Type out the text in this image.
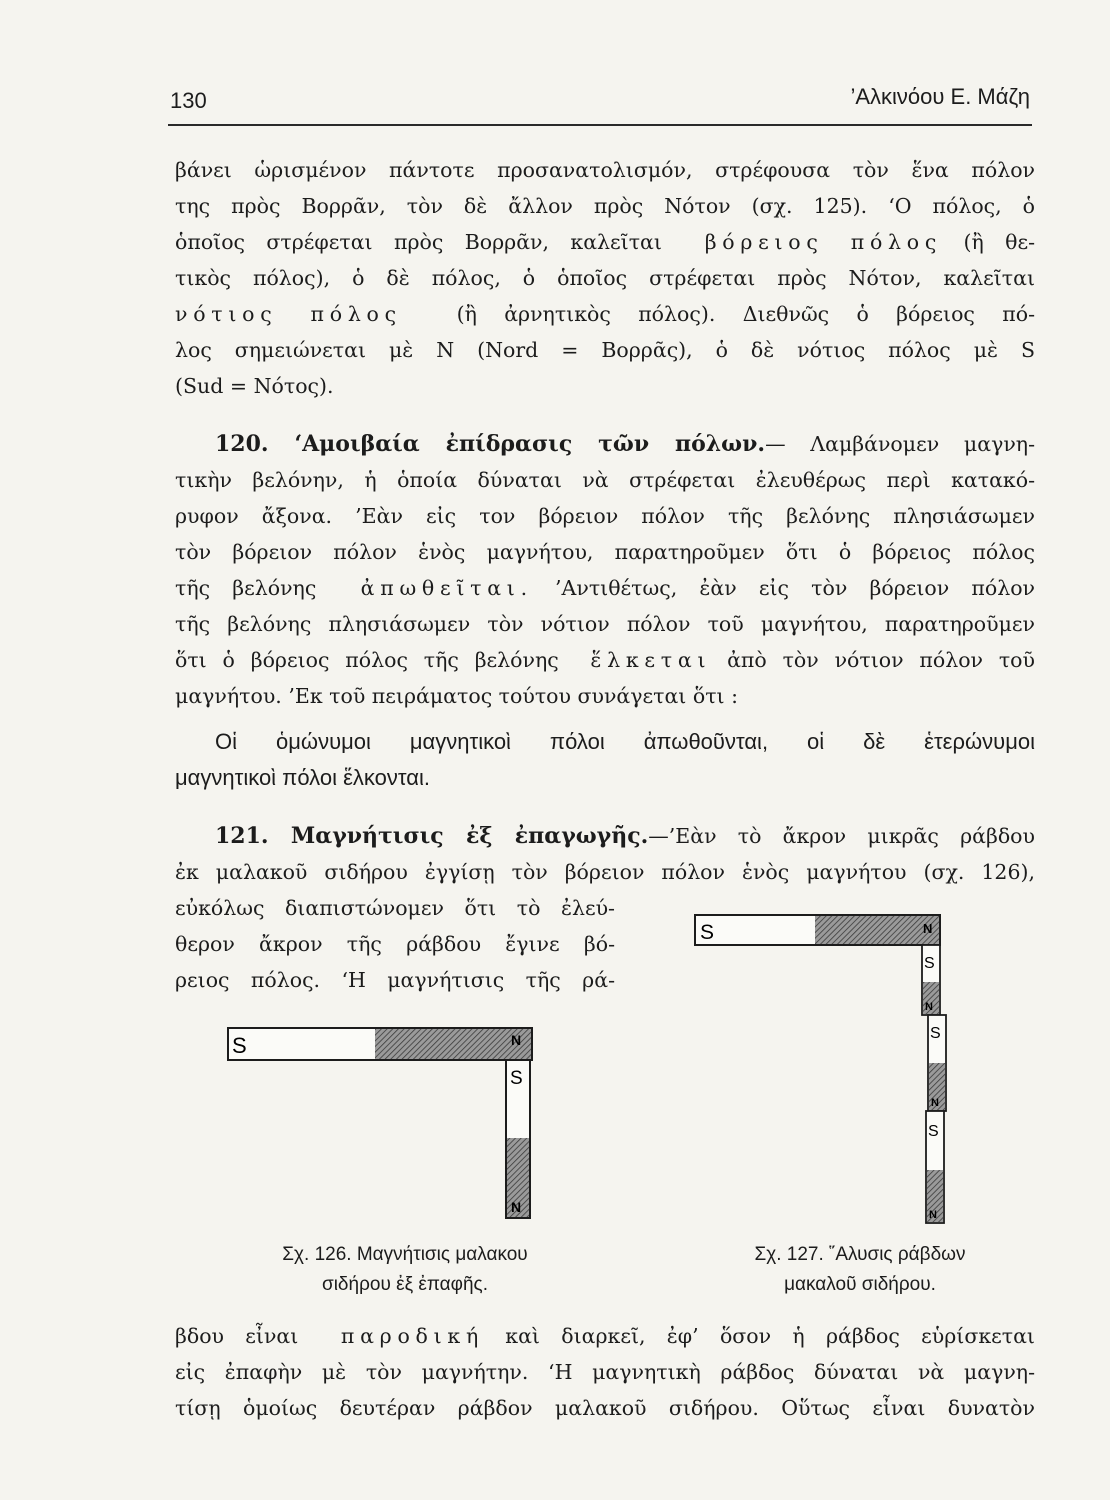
130	’Αλκινόου Ε. Μάζη
βάνει ὡρισμένον πάντοτε προσανατολισμόν, στρέφουσα τὸν ἕνα πόλον
της πρὸς Βορρᾶν, τὸν δὲ ἄλλον πρὸς Νότον (σχ. 125). ‘Ο πόλος, ὁ
ὁποῖος στρέφεται πρὸς Βορρᾶν, καλεῖται βόρειος πόλος (ἢ θε-
τικὸς πόλος), ὁ δὲ πόλος, ὁ ὁποῖος στρέφεται πρὸς Νότον, καλεῖται
νότιος πόλος	(ἢ ἀρνητικὸς πόλος). Διεθνῶς ὁ βόρειος πό-
λος σημειώνεται μὲ N (Nord = Βορρᾶς), ὁ δὲ νότιος πόλος μὲ S
(Sud = Νότος).
120. ‘Αμοιβαία ἐπίδρασις τῶν πόλων.— Λαμβάνομεν μαγνη-
τικὴν βελόνην, ἡ ὁποία δύναται νὰ στρέφεται ἐλευθέρως περὶ κατακό-
ρυφον ἄξονα. ’Εὰν εἰς τον βόρειον πόλον τῆς βελόνης πλησιάσωμεν
τὸν βόρειον πόλον ἑνὸς μαγνήτου, παρατηροῦμεν ὅτι ὁ βόρειος πόλος
τῆς βελόνης ἀπωθεῖται. ’Αντιθέτως, ἐὰν εἰς τὸν βόρειον πόλον
τῆς βελόνης πλησιάσωμεν τὸν νότιον πόλον τοῦ μαγνήτου, παρατηροῦμεν
ὅτι ὁ βόρειος πόλος τῆς βελόνης ἕλκεται ἀπὸ τὸν νότιον πόλον τοῦ
μαγνήτου. ’Εκ τοῦ πειράματος τούτου συνάγεται ὅτι :
Οἱ ὁμώνυμοι μαγνητικοὶ πόλοι ἀπωθοῦνται, οἱ δὲ ἑτερώνυμοι
μαγνητικοὶ πόλοι ἕλκονται.
121. Μαγνήτισις ἐξ ἐπαγωγῆς.—’Εὰν τὸ ἄκρον μικρᾶς ράβδου
ἐκ μαλακοῦ σιδήρου ἐγγίσῃ τὸν βόρειον πόλον ἑνὸς μαγνήτου (σχ. 126),
εὐκόλως διαπιστώνομεν ὅτι τὸ ἐλεύ-
θερον ἄκρον τῆς ράβδου ἔγινε βό-
ρειος πόλος. ‘Η μαγνήτισις τῆς ρά-
S	N
S
N
S	N
S
N
S
N
S
N
Σχ. 126. Μαγνήτισις μαλακου
σιδήρου ἐξ ἐπαφῆς.
Σχ. 127. ῞Αλυσις ράβδων
μακαλοῦ σιδήρου.
βδου εἶναι παροδική καὶ διαρκεῖ, ἐφ’ ὅσον ἡ ράβδος εὑρίσκεται
εἰς ἐπαφὴν μὲ τὸν μαγνήτην. ‘Η μαγνητικὴ ράβδος δύναται νὰ μαγνη-
τίσῃ ὁμοίως δευτέραν ράβδον μαλακοῦ σιδήρου. Οὕτως εἶναι δυνατὸν
